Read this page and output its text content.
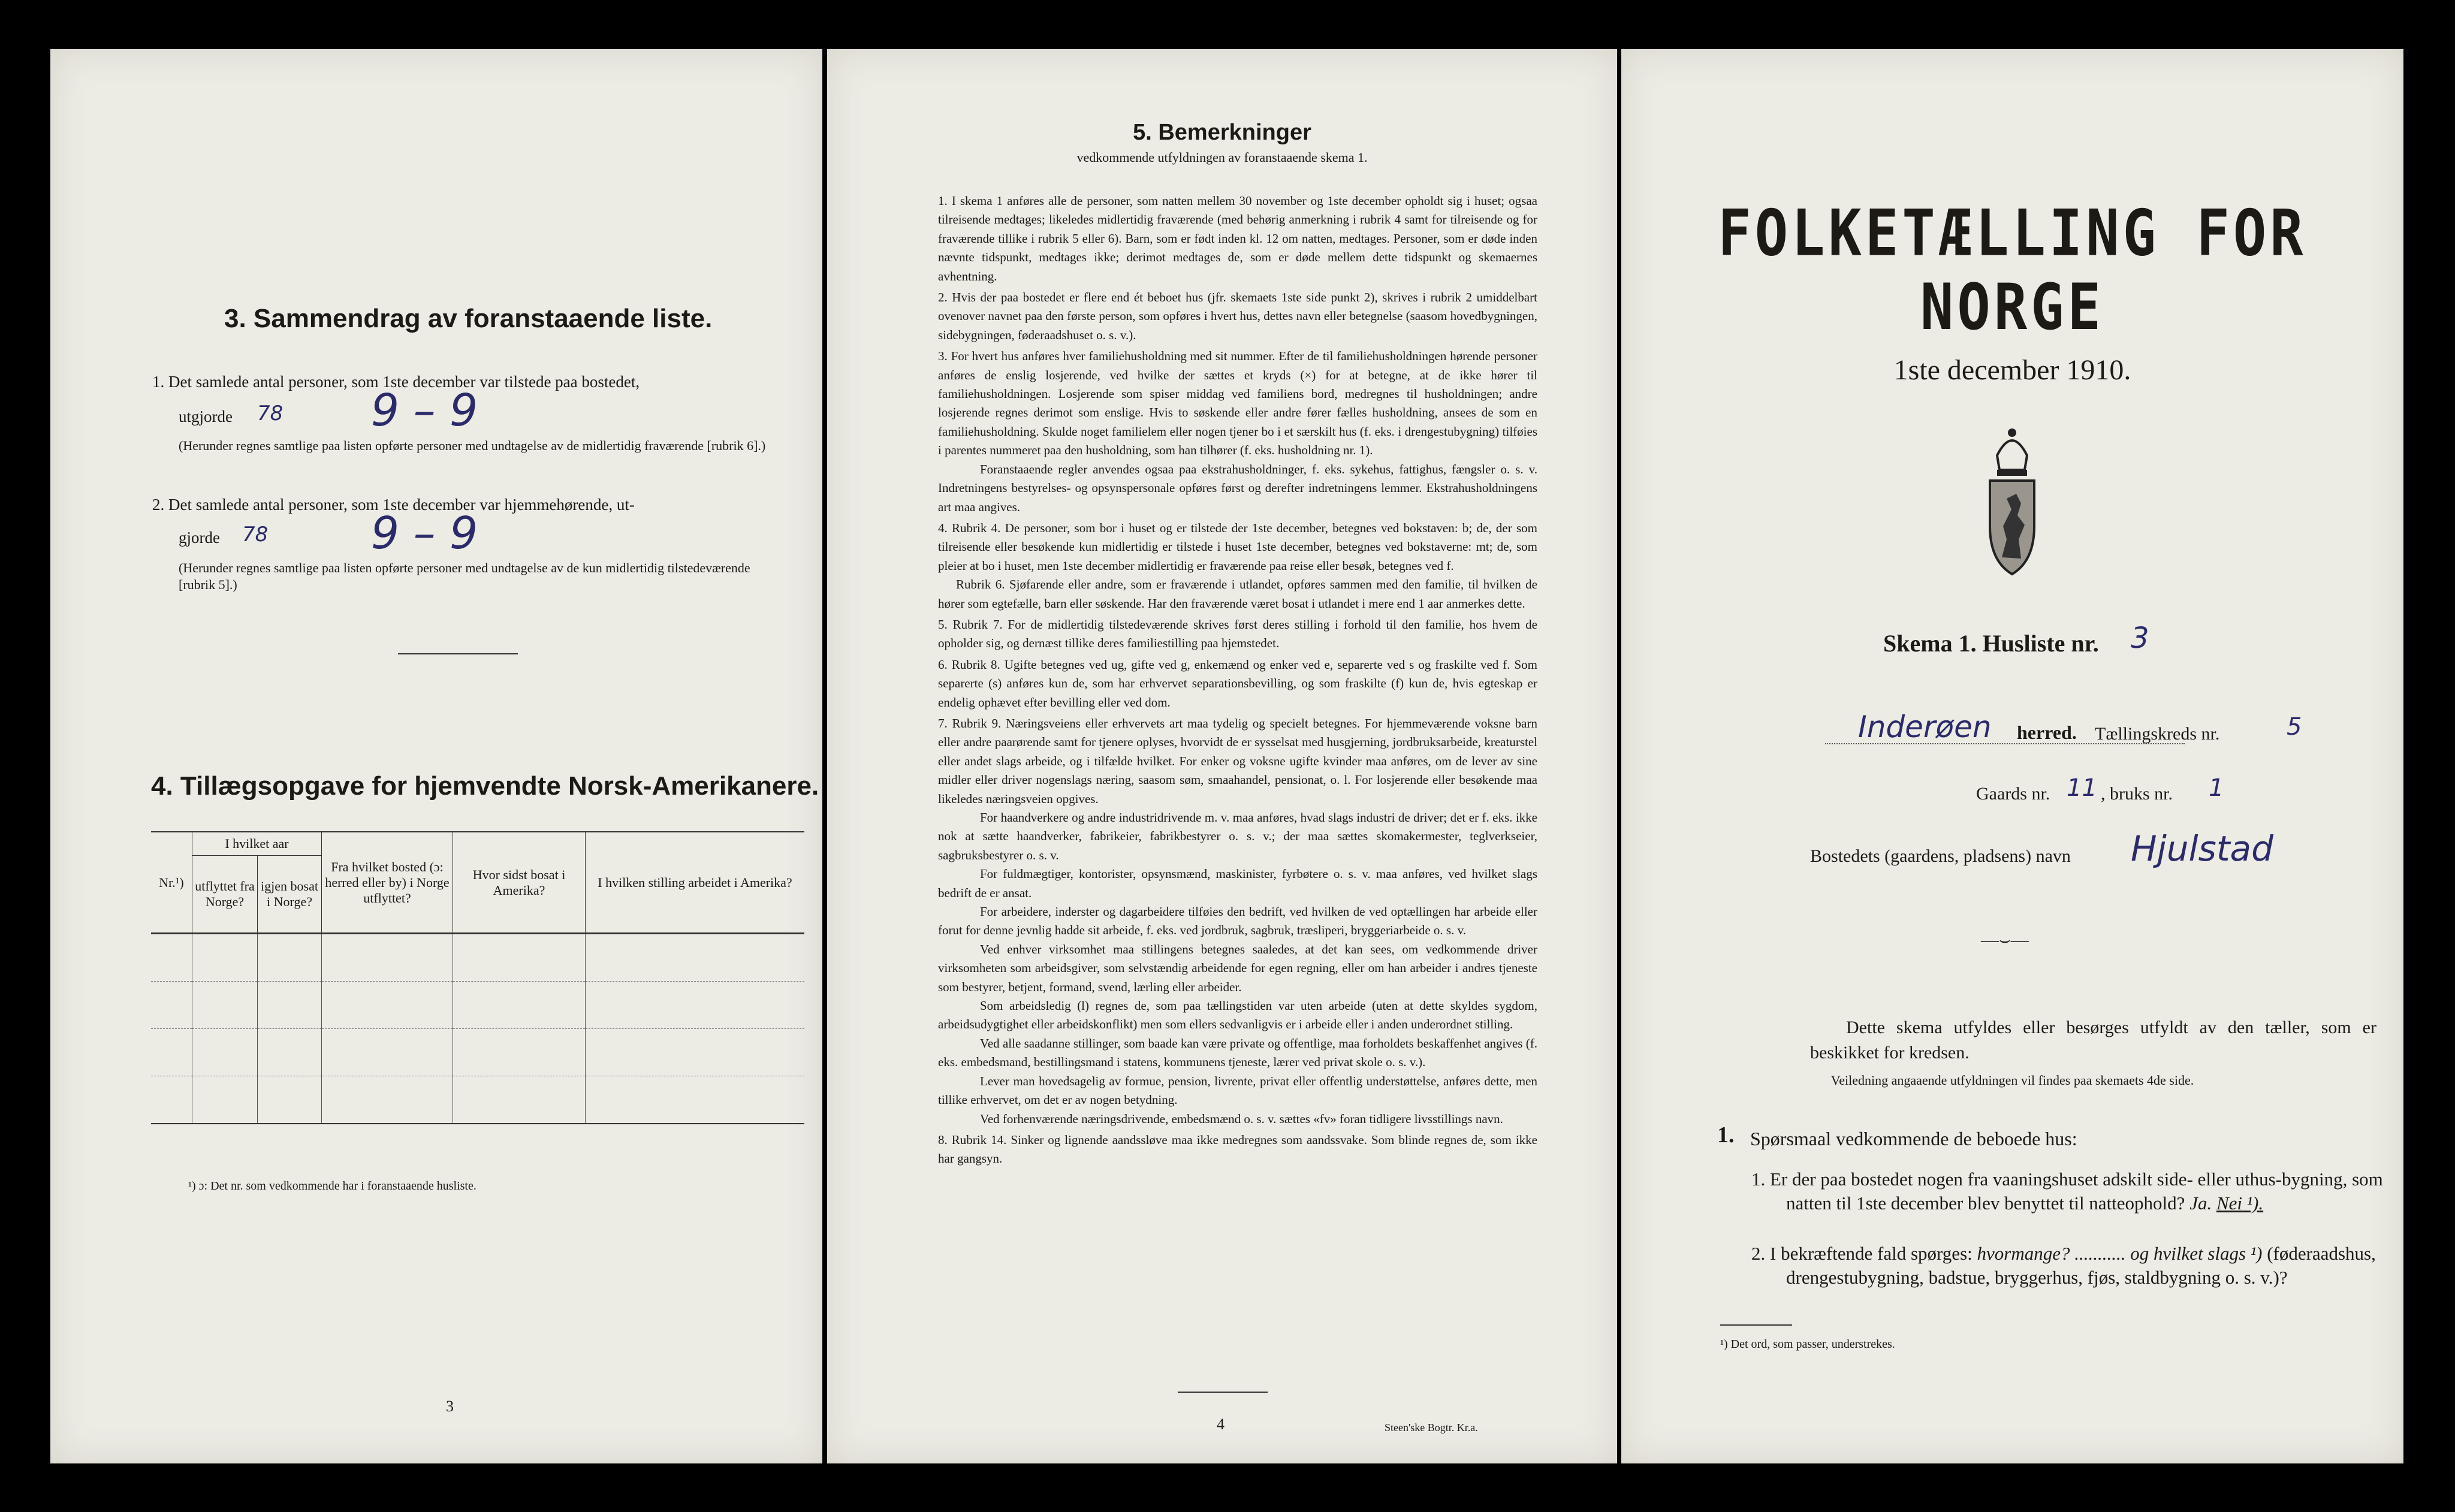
3. Sammendrag av foranstaaende liste.
1. Det samlede antal personer, som 1ste december var tilstede paa bostedet,
utgjorde 78 9 – 9
(Herunder regnes samtlige paa listen opførte personer med undtagelse av de midlertidig fraværende [rubrik 6].)
2. Det samlede antal personer, som 1ste december var hjemmehørende, ut-
gjorde 78 9 – 9
(Herunder regnes samtlige paa listen opførte personer med undtagelse av de kun midlertidig tilstedeværende [rubrik 5].)
4. Tillægsopgave for hjemvendte Norsk-Amerikanere.
Nr.¹)	I hvilket aar		Fra hvilket bosted (ɔ: herred eller by) i Norge utflyttet?	Hvor sidst bosat i Amerika?	I hvilken stilling arbeidet i Amerika?
	utflyttet fra Norge?	igjen bosat i Norge?			

¹) ɔ: Det nr. som vedkommende har i foranstaaende husliste.
3
5. Bemerkninger
vedkommende utfyldningen av foranstaaende skema 1.

1. I skema 1 anføres alle de personer, som natten mellem 30 november og 1ste december opholdt sig i huset; ogsaa tilreisende medtages; likeledes midlertidig fraværende (med behørig anmerkning i rubrik 4 samt for tilreisende og for fraværende tillike i rubrik 5 eller 6). Barn, som er født inden kl. 12 om natten, medtages. Personer, som er døde inden nævnte tidspunkt, medtages ikke; derimot medtages de, som er døde mellem dette tidspunkt og skemaernes avhentning.

2. Hvis der paa bostedet er flere end ét beboet hus (jfr. skemaets 1ste side punkt 2), skrives i rubrik 2 umiddelbart ovenover navnet paa den første person, som opføres i hvert hus, dettes navn eller betegnelse (saasom hovedbygningen, sidebygningen, føderaadshuset o. s. v.).

3. For hvert hus anføres hver familiehusholdning med sit nummer. Efter de til familiehusholdningen hørende personer anføres de enslig losjerende, ved hvilke der sættes et kryds (×) for at betegne, at de ikke hører til familiehusholdningen. Losjerende som spiser middag ved familiens bord, medregnes til husholdningen; andre losjerende regnes derimot som enslige. Hvis to søskende eller andre fører fælles husholdning, ansees de som en familiehusholdning. Skulde noget familielem eller nogen tjener bo i et særskilt hus (f. eks. i drengestubygning) tilføies i parentes nummeret paa den husholdning, som han tilhører (f. eks. husholdning nr. 1).

Foranstaaende regler anvendes ogsaa paa ekstrahusholdninger, f. eks. sykehus, fattighus, fængsler o. s. v. Indretningens bestyrelses- og opsynspersonale opføres først og derefter indretningens lemmer. Ekstrahusholdningens art maa angives.

4. Rubrik 4. De personer, som bor i huset og er tilstede der 1ste december, betegnes ved bokstaven: b; de, der som tilreisende eller besøkende kun midlertidig er tilstede i huset 1ste december, betegnes ved bokstaverne: mt; de, som pleier at bo i huset, men 1ste december midlertidig er fraværende paa reise eller besøk, betegnes ved f.

Rubrik 6. Sjøfarende eller andre, som er fraværende i utlandet, opføres sammen med den familie, til hvilken de hører som egtefælle, barn eller søskende. Har den fraværende været bosat i utlandet i mere end 1 aar anmerkes dette.

5. Rubrik 7. For de midlertidig tilstedeværende skrives først deres stilling i forhold til den familie, hos hvem de opholder sig, og dernæst tillike deres familiestilling paa hjemstedet.

6. Rubrik 8. Ugifte betegnes ved ug, gifte ved g, enkemænd og enker ved e, separerte ved s og fraskilte ved f. Som separerte (s) anføres kun de, som har erhvervet separationsbevilling, og som fraskilte (f) kun de, hvis egteskap er endelig ophævet efter bevilling eller ved dom.

7. Rubrik 9. Næringsveiens eller erhvervets art maa tydelig og specielt betegnes. For hjemmeværende voksne barn eller andre paarørende samt for tjenere oplyses, hvorvidt de er sysselsat med husgjerning, jordbruksarbeide, kreaturstel eller andet slags arbeide, og i tilfælde hvilket. For enker og voksne ugifte kvinder maa anføres, om de lever av sine midler eller driver nogenslags næring, saasom søm, smaahandel, pensionat, o. l. For losjerende eller besøkende maa likeledes næringsveien opgives.

For haandverkere og andre industridrivende m. v. maa anføres, hvad slags industri de driver; det er f. eks. ikke nok at sætte haandverker, fabrikeier, fabrikbestyrer o. s. v.; der maa sættes skomakermester, teglverkseier, sagbruksbestyrer o. s. v.

For fuldmægtiger, kontorister, opsynsmænd, maskinister, fyrbøtere o. s. v. maa anføres, ved hvilket slags bedrift de er ansat.

For arbeidere, inderster og dagarbeidere tilføies den bedrift, ved hvilken de ved optællingen har arbeide eller forut for denne jevnlig hadde sit arbeide, f. eks. ved jordbruk, sagbruk, træsliperi, bryggeriarbeide o. s. v.

Ved enhver virksomhet maa stillingens betegnes saaledes, at det kan sees, om vedkommende driver virksomheten som arbeidsgiver, som selvstændig arbeidende for egen regning, eller om han arbeider i andres tjeneste som bestyrer, betjent, formand, svend, lærling eller arbeider.

Som arbeidsledig (l) regnes de, som paa tællingstiden var uten arbeide (uten at dette skyldes sygdom, arbeidsudygtighet eller arbeidskonflikt) men som ellers sedvanligvis er i arbeide eller i anden underordnet stilling.

Ved alle saadanne stillinger, som baade kan være private og offentlige, maa forholdets beskaffenhet angives (f. eks. embedsmand, bestillingsmand i statens, kommunens tjeneste, lærer ved privat skole o. s. v.).

Lever man hovedsagelig av formue, pension, livrente, privat eller offentlig understøttelse, anføres dette, men tillike erhvervet, om det er av nogen betydning.

Ved forhenværende næringsdrivende, embedsmænd o. s. v. sættes «fv» foran tidligere livsstillings navn.

8. Rubrik 14. Sinker og lignende aandssløve maa ikke medregnes som aandssvake. Som blinde regnes de, som ikke har gangsyn.

4	Steen'ske Bogtr. Kr.a.
FOLKETÆLLING FOR NORGE
1ste december 1910.
Skema 1. Husliste nr. 3
Inderøen herred. Tællingskreds nr.	5
Gaards nr. 11 , bruks nr. 1
Bostedets (gaardens, pladsens) navn Hjulstad
—⌣—
Dette skema utfyldes eller besørges utfyldt av den tæller, som er beskikket for kredsen.
Veiledning angaaende utfyldningen vil findes paa skemaets 4de side.
1. Spørsmaal vedkommende de beboede hus:
1. Er der paa bostedet nogen fra vaaningshuset adskilt side- eller uthus-bygning, som natten til 1ste december blev benyttet til natteophold? Ja. Nei ¹).
2. I bekræftende fald spørges: hvormange? ........... og hvilket slags ¹) (føderaadshus, drengestubygning, badstue, bryggerhus, fjøs, staldbygning o. s. v.)?
¹) Det ord, som passer, understrekes.
